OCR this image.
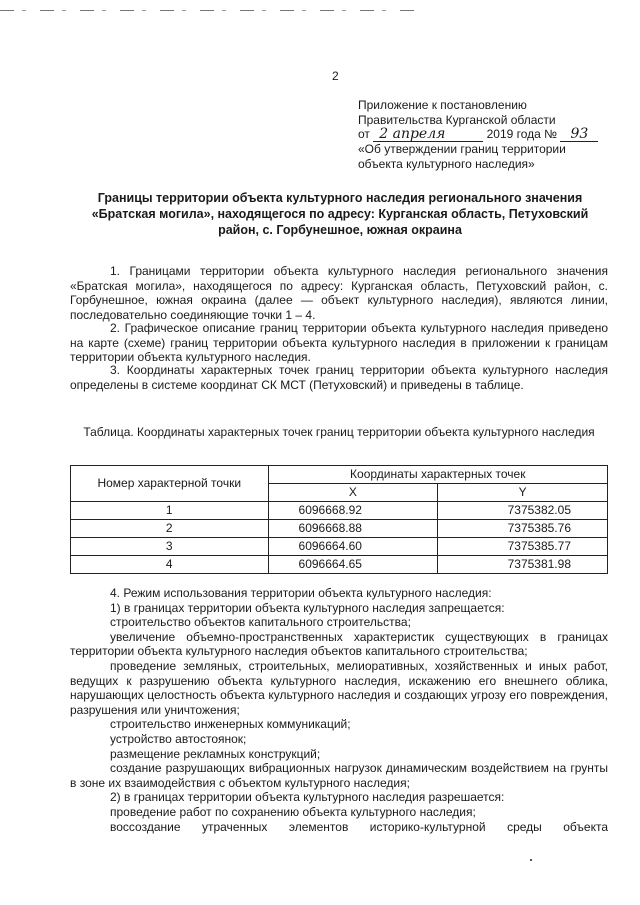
2
Приложение к постановлению
Правительства Курганской области
от 2 апреля	2019 года № 93
«Об утверждении границ территории
объекта культурного наследия»
Границы территории объекта культурного наследия регионального значения «Братская могила», находящегося по адресу: Курганская область, Петуховский район, с. Горбунешное, южная окраина
1. Границами территории объекта культурного наследия регионального значения «Братская могила», находящегося по адресу: Курганская область, Петуховский район, с. Горбунешное, южная окраина (далее — объект культурного наследия), являются линии, последовательно соединяющие точки 1 – 4.
2. Графическое описание границ территории объекта культурного наследия приведено на карте (схеме) границ территории объекта культурного наследия в приложении к границам территории объекта культурного наследия.
3. Координаты характерных точек границ территории объекта культурного наследия определены в системе координат СК МСТ (Петуховский) и приведены в таблице.
Таблица. Координаты характерных точек границ территории объекта культурного наследия
Номер характерной точки	Координаты характерных точек	
	X	Y
1	6096668.92	7375382.05
2	6096668.88	7375385.76
3	6096664.60	7375385.77
4	6096664.65	7375381.98

4. Режим использования территории объекта культурного наследия:

1) в границах территории объекта культурного наследия запрещается:

строительство объектов капитального строительства;

увеличение объемно-пространственных характеристик существующих в границах территории объекта культурного наследия объектов капитального строительства;

проведение земляных, строительных, мелиоративных, хозяйственных и иных работ, ведущих к разрушению объекта культурного наследия, искажению его внешнего облика, нарушающих целостность объекта культурного наследия и создающих угрозу его повреждения, разрушения или уничтожения;

строительство инженерных коммуникаций;

устройство автостоянок;

размещение рекламных конструкций;

создание разрушающих вибрационных нагрузок динамическим воздействием на грунты в зоне их взаимодействия с объектом культурного наследия;

2) в границах территории объекта культурного наследия разрешается:

проведение работ по сохранению объекта культурного наследия;

воссоздание утраченных элементов историко-культурной среды объекта
